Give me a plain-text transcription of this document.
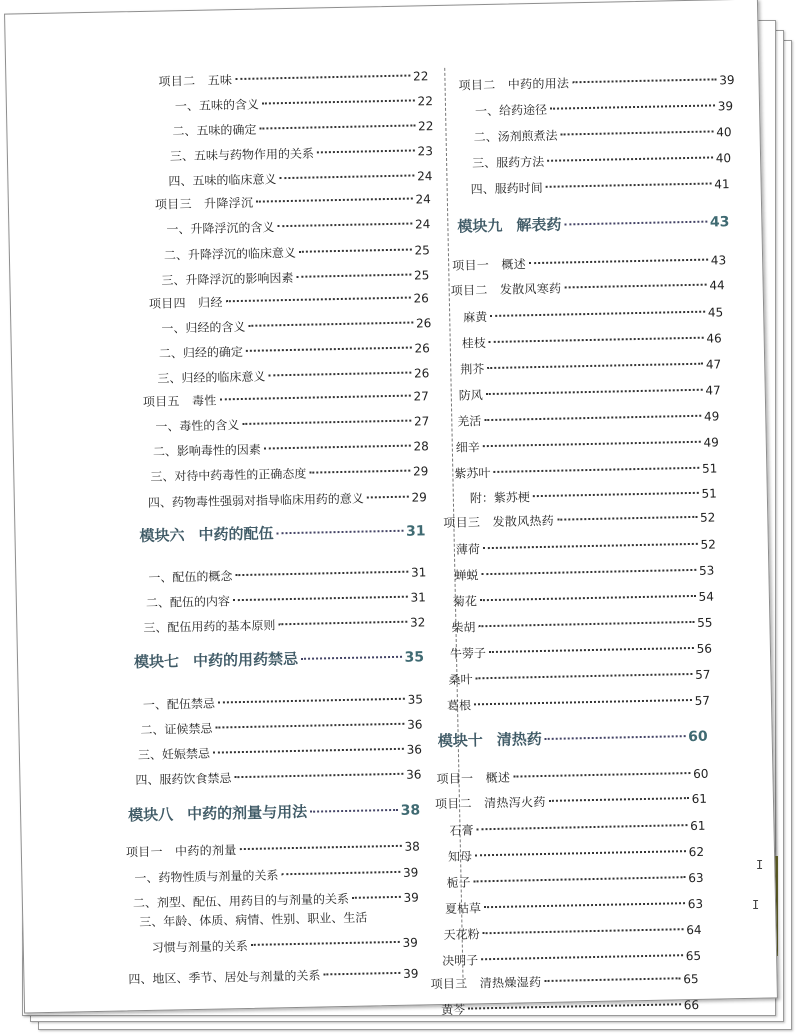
项目二　五味	22
一、五味的含义	22
二、五味的确定	22
三、五味与药物作用的关系	23
四、五味的临床意义	24
项目三　升降浮沉	24
一、升降浮沉的含义	24
二、升降浮沉的临床意义	25
三、升降浮沉的影响因素	25
项目四　归经	26
一、归经的含义	26
二、归经的确定	26
三、归经的临床意义	26
项目五　毒性	27
一、毒性的含义	27
二、影响毒性的因素	28
三、对待中药毒性的正确态度	29
四、药物毒性强弱对指导临床用药的意义	29
模块六 中药的配伍	31
一、配伍的概念	31
二、配伍的内容	31
三、配伍用药的基本原则	32
模块七 中药的用药禁忌	35
一、配伍禁忌	35
二、证候禁忌	36
三、妊娠禁忌	36
四、服药饮食禁忌	36
模块八 中药的剂量与用法	38
项目一　中药的剂量	38
一、药物性质与剂量的关系	39
二、剂型、配伍、用药目的与剂量的关系	39
四、地区、季节、居处与剂量的关系	39
项目二　中药的用法	39
一、给药途径	39
二、汤剂煎煮法	40
三、服药方法	40
四、服药时间	41
模块九 解表药	43
项目一　概述	43
项目二　发散风寒药	44
麻黄	45
桂枝	46
荆芥	47
防风	47
羌活	49
细辛	49
紫苏叶	51
附：紫苏梗	51
项目三　发散风热药	52
薄荷	52
蝉蜕	53
菊花	54
柴胡	55
牛蒡子	56
桑叶	57
葛根	57
模块十 清热药	60
项目一　概述	60
项目二　清热泻火药	61
石膏	61
知母	62
栀子	63
夏枯草	63
天花粉	64
决明子	65
项目三　清热燥湿药	65
黄芩	66
三、年龄、体质、病情、性别、职业、生活
习惯与剂量的关系	39
I
I
